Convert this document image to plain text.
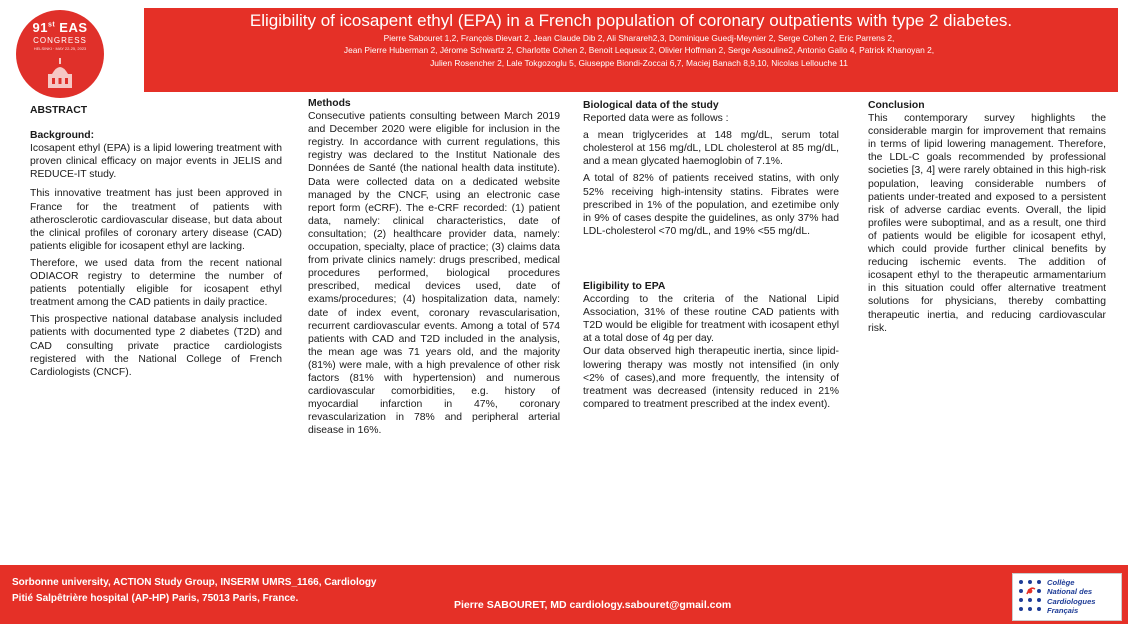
91st EAS
CONGRESS
HELSINKI · MAY 22-25, 2023
Eligibility of icosapent ethyl (EPA) in a French population of coronary outpatients with type 2 diabetes.
Pierre Sabouret 1,2, François Dievart 2, Jean Claude Dib 2, Ali Sharareh2,3, Dominique Guedj-Meynier 2, Serge Cohen 2, Eric Parrens 2,
Jean Pierre Huberman 2, Jérome Schwartz 2, Charlotte Cohen 2, Benoit Lequeux 2, Olivier Hoffman 2, Serge Assouline2, Antonio Gallo 4, Patrick Khanoyan 2,
Julien Rosencher 2, Lale Tokgozoglu 5, Giuseppe Biondi-Zoccai 6,7, Maciej Banach 8,9,10, Nicolas Lellouche 11

ABSTRACT

Background:

Icosapent ethyl (EPA) is a lipid lowering treatment with proven clinical efficacy on major events in JELIS and REDUCE-IT study.

This innovative treatment has just been approved in France for the treatment of patients with atherosclerotic cardiovascular disease, but data about the clinical profiles of coronary artery disease (CAD) patients eligible for icosapent ethyl are lacking.

Therefore, we used data from the recent national ODIACOR registry to determine the number of patients potentially eligible for icosapent ethyl treatment among the CAD patients in daily practice.

This prospective national database analysis included patients with documented type 2 diabetes (T2D) and CAD consulting private practice cardiologists registered with the National College of French Cardiologists (CNCF).

Methods

Consecutive patients consulting between March 2019 and December 2020 were eligible for inclusion in the registry. In accordance with current regulations, this registry was declared to the Institut Nationale des Données de Santé (the national health data institute). Data were collected data on a dedicated website managed by the CNCF, using an electronic case report form (eCRF). The e-CRF recorded: (1) patient data, namely: clinical characteristics, date of consultation; (2) healthcare provider data, namely: occupation, specialty, place of practice; (3) claims data from private clinics namely: drugs prescribed, medical procedures performed, biological procedures prescribed, medical devices used, date of exams/procedures; (4) hospitalization data, namely: date of index event, coronary revascularisation, recurrent cardiovascular events. Among a total of 574 patients with CAD and T2D included in the analysis, the mean age was 71 years old, and the majority (81%) were male, with a high prevalence of other risk factors (81% with hypertension) and numerous cardiovascular comorbidities, e.g. history of myocardial infarction in 47%, coronary revascularization in 78% and peripheral arterial disease in 16%.

Biological data of the study

Reported data were as follows :

a mean triglycerides at 148 mg/dL, serum total cholesterol at 156 mg/dL, LDL cholesterol at 85 mg/dL, and a mean glycated haemoglobin of 7.1%.

A total of 82% of patients received statins, with only 52% receiving high-intensity statins. Fibrates were prescribed in 1% of the population, and ezetimibe only in 9% of cases despite the guidelines, as only 37% had LDL-cholesterol <70 mg/dL, and 19% <55 mg/dL.

Eligibility to EPA

According to the criteria of the National Lipid Association, 31% of these routine CAD patients with T2D would be eligible for treatment with icosapent ethyl at a total dose of 4g per day.

Our data observed high therapeutic inertia, since lipid-lowering therapy was mostly not intensified (in only <2% of cases),and more frequently, the intensity of treatment was decreased (intensity reduced in 21% compared to treatment prescribed at the index event).

Conclusion

This contemporary survey highlights the considerable margin for improvement that remains in terms of lipid lowering management. Therefore, the LDL-C goals recommended by professional societies [3, 4] were rarely obtained in this high-risk population, leaving considerable numbers of patients under-treated and exposed to a persistent risk of adverse cardiac events. Overall, the lipid profiles were suboptimal, and as a result, one third of patients would be eligible for icosapent ethyl, which could provide further clinical benefits by reducing ischemic events. The addition of icosapent ethyl to the therapeutic armamentarium in this situation could offer alternative treatment solutions for physicians, thereby combatting therapeutic inertia, and reducing cardiovascular risk.

Sorbonne university, ACTION Study Group, INSERM UMRS_1166, Cardiology
Pitié Salpêtrière hospital (AP-HP) Paris, 75013 Paris, France.
Pierre SABOURET, MD cardiology.sabouret@gmail.com
Collège
National des
Cardiologues
Français
